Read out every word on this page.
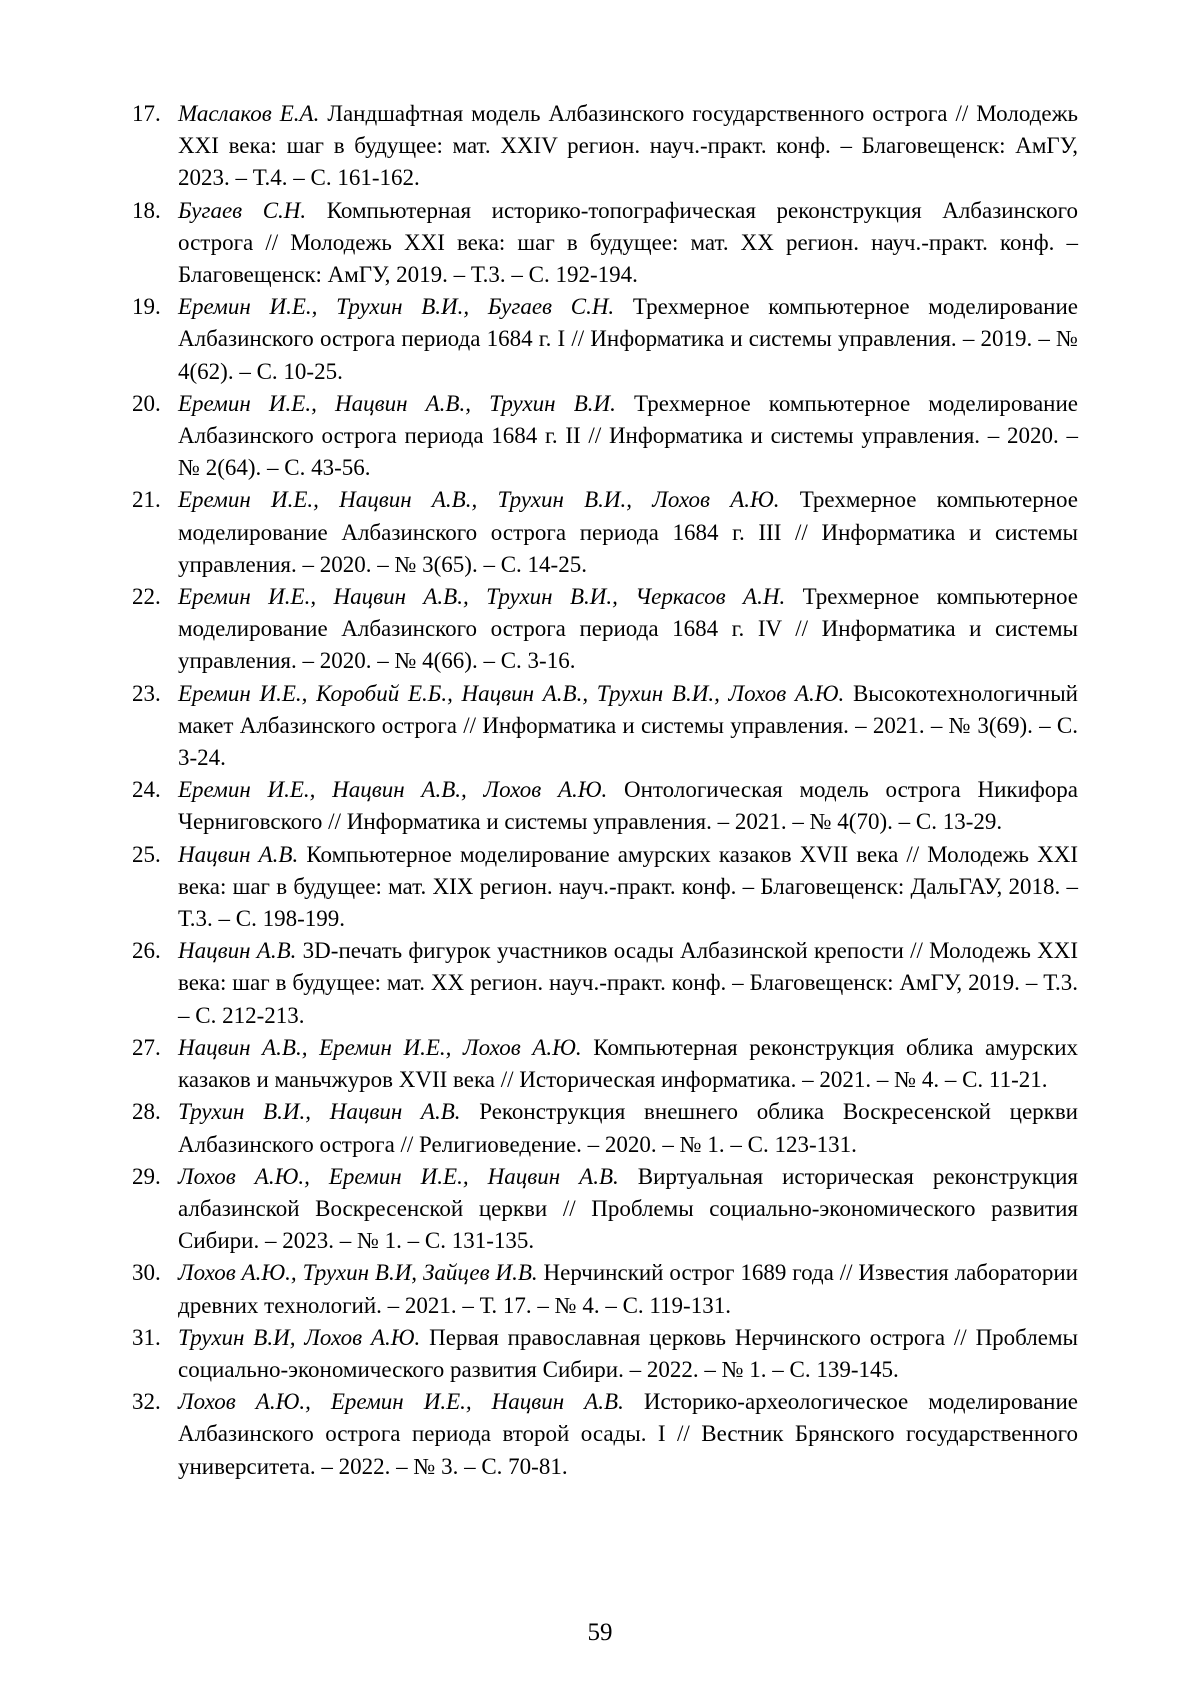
17. Маслаков Е.А. Ландшафтная модель Албазинского государственного острога // Молодежь XXI века: шаг в будущее: мат. XXIV регион. науч.-практ. конф. – Благовещенск: АмГУ, 2023. – Т.4. – С. 161-162.
18. Бугаев С.Н. Компьютерная историко-топографическая реконструкция Албазинского острога // Молодежь XXI века: шаг в будущее: мат. XX регион. науч.-практ. конф. – Благовещенск: АмГУ, 2019. – Т.3. – С. 192-194.
19. Еремин И.Е., Трухин В.И., Бугаев С.Н. Трехмерное компьютерное моделирование Албазинского острога периода 1684 г. I // Информатика и системы управления. – 2019. – № 4(62). – С. 10-25.
20. Еремин И.Е., Нацвин А.В., Трухин В.И. Трехмерное компьютерное моделирование Албазинского острога периода 1684 г. II // Информатика и системы управления. – 2020. – № 2(64). – С. 43-56.
21. Еремин И.Е., Нацвин А.В., Трухин В.И., Лохов А.Ю. Трехмерное компьютерное моделирование Албазинского острога периода 1684 г. III // Информатика и системы управления. – 2020. – № 3(65). – С. 14-25.
22. Еремин И.Е., Нацвин А.В., Трухин В.И., Черкасов А.Н. Трехмерное компьютерное моделирование Албазинского острога периода 1684 г. IV // Информатика и системы управления. – 2020. – № 4(66). – С. 3-16.
23. Еремин И.Е., Коробий Е.Б., Нацвин А.В., Трухин В.И., Лохов А.Ю. Высокотехнологичный макет Албазинского острога // Информатика и системы управления. – 2021. – № 3(69). – С. 3-24.
24. Еремин И.Е., Нацвин А.В., Лохов А.Ю. Онтологическая модель острога Никифора Черниговского // Информатика и системы управления. – 2021. – № 4(70). – С. 13-29.
25. Нацвин А.В. Компьютерное моделирование амурских казаков XVII века // Молодежь XXI века: шаг в будущее: мат. XIX регион. науч.-практ. конф. – Благовещенск: ДальГАУ, 2018. – Т.3. – С. 198-199.
26. Нацвин А.В. 3D-печать фигурок участников осады Албазинской крепости // Молодежь XXI века: шаг в будущее: мат. XX регион. науч.-практ. конф. – Благовещенск: АмГУ, 2019. – Т.3. – С. 212-213.
27. Нацвин А.В., Еремин И.Е., Лохов А.Ю. Компьютерная реконструкция облика амурских казаков и маньчжуров XVII века // Историческая информатика. – 2021. – № 4. – С. 11-21.
28. Трухин В.И., Нацвин А.В. Реконструкция внешнего облика Воскресенской церкви Албазинского острога // Религиоведение. – 2020. – № 1. – С. 123-131.
29. Лохов А.Ю., Еремин И.Е., Нацвин А.В. Виртуальная историческая реконструкция албазинской Воскресенской церкви // Проблемы социально-экономического развития Сибири. – 2023. – № 1. – С. 131-135.
30. Лохов А.Ю., Трухин В.И, Зайцев И.В. Нерчинский острог 1689 года // Известия лаборатории древних технологий. – 2021. – Т. 17. – № 4. – С. 119-131.
31. Трухин В.И, Лохов А.Ю. Первая православная церковь Нерчинского острога // Проблемы социально-экономического развития Сибири. – 2022. – № 1. – С. 139-145.
32. Лохов А.Ю., Еремин И.Е., Нацвин А.В. Историко-археологическое моделирование Албазинского острога периода второй осады. I // Вестник Брянского государственного университета. – 2022. – № 3. – С. 70-81.
59
